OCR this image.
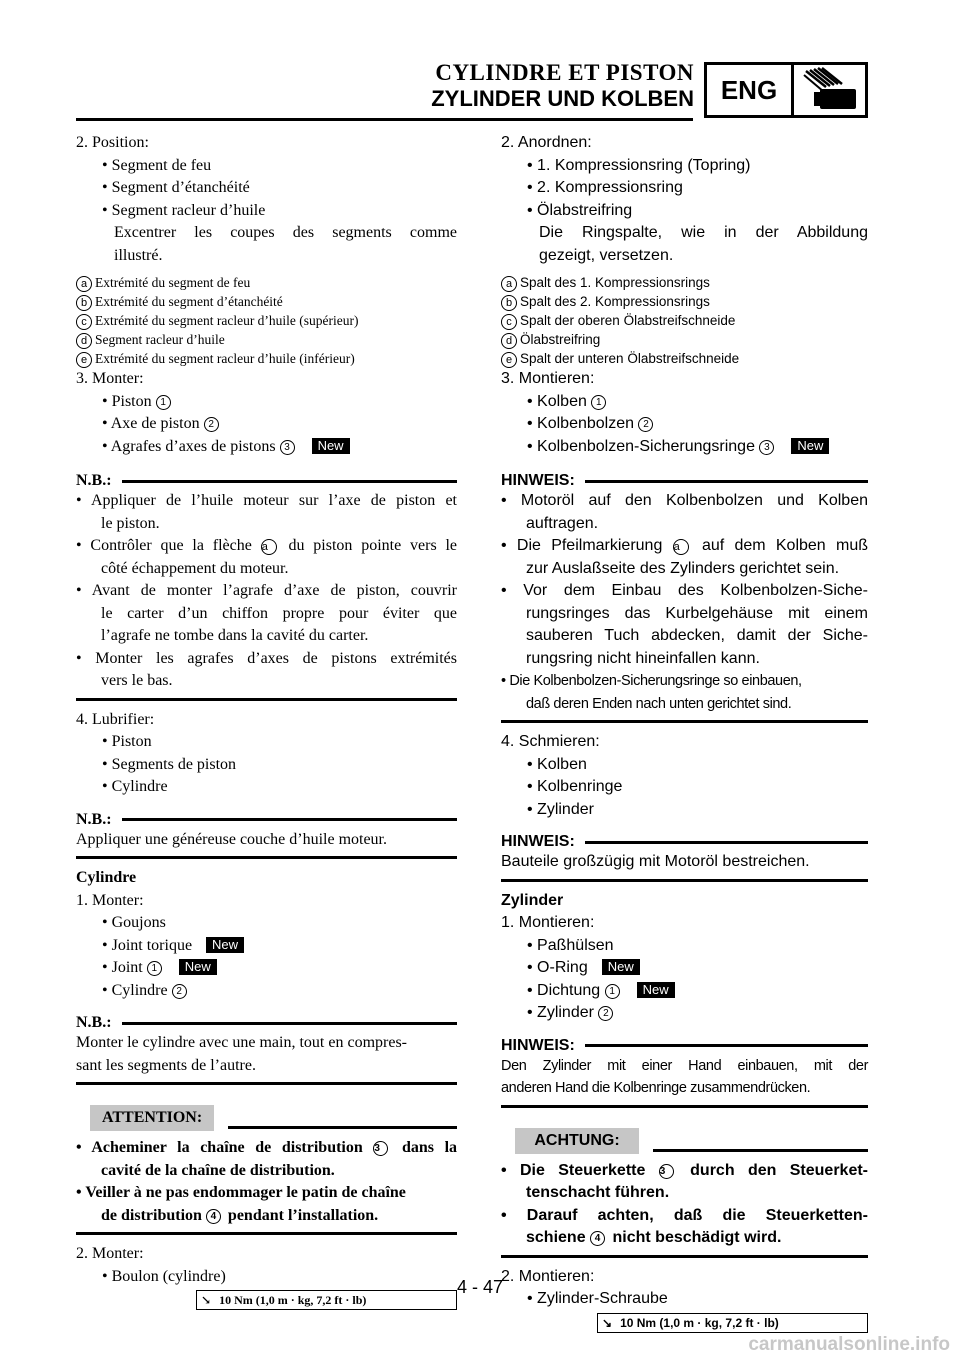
CYLINDRE ET PISTON
ZYLINDER UND KOLBEN	ENG
2. Position:
• Segment de feu
• Segment d’étanchéité
• Segment racleur d’huile
Excentrer les coupes des segments comme
illustré.
a Extrémité du segment de feu
b Extrémité du segment d’étanchéité
c Extrémité du segment racleur d’huile (supérieur)
d Segment racleur d’huile
e Extrémité du segment racleur d’huile (inférieur)
3. Monter:
• Piston 1
• Axe de piston 2
• Agrafes d’axes de pistons 3 New
N.B.:
• Appliquer de l’huile moteur sur l’axe de piston et
le piston.
• Contrôler que la flèche a du piston pointe vers le
côté échappement du moteur.
• Avant de monter l’agrafe d’axe de piston, couvrir
le carter d’un chiffon propre pour éviter que
l’agrafe ne tombe dans la cavité du carter.
• Monter les agrafes d’axes de pistons extrémités
vers le bas.
4. Lubrifier:
• Piston
• Segments de piston
• Cylindre
N.B.:
Appliquer une généreuse couche d’huile moteur.
Cylindre
1. Monter:
• Goujons
• Joint torique New
• Joint 1 New
• Cylindre 2
N.B.:
Monter le cylindre avec une main, tout en compres-
sant les segments de l’autre.
ATTENTION:
• Acheminer la chaîne de distribution 3 dans la
cavité de la chaîne de distribution.
• Veiller à ne pas endommager le patin de chaîne
de distribution 4 pendant l’installation.
2. Monter:
• Boulon (cylindre)
↘ 10 Nm (1,0 m · kg, 7,2 ft · lb)
2. Anordnen:
• 1. Kompressionsring (Topring)
• 2. Kompressionsring
• Ölabstreifring
Die Ringspalte, wie in der Abbildung
gezeigt, versetzen.
a Spalt des 1. Kompressionsrings
b Spalt des 2. Kompressionsrings
c Spalt der oberen Ölabstreifschneide
d Ölabstreifring
e Spalt der unteren Ölabstreifschneide
3. Montieren:
• Kolben 1
• Kolbenbolzen 2
• Kolbenbolzen-Sicherungsringe 3 New
HINWEIS:
• Motoröl auf den Kolbenbolzen und Kolben
auftragen.
• Die Pfeilmarkierung a auf dem Kolben muß
zur Auslaßseite des Zylinders gerichtet sein.
• Vor dem Einbau des Kolbenbolzen-Siche-
rungsringes das Kurbelgehäuse mit einem
sauberen Tuch abdecken, damit der Siche-
rungsring nicht hineinfallen kann.
• Die Kolbenbolzen-Sicherungsringe so einbauen,
daß deren Enden nach unten gerichtet sind.
4. Schmieren:
• Kolben
• Kolbenringe
• Zylinder
HINWEIS:
Bauteile großzügig mit Motoröl bestreichen.
Zylinder
1. Montieren:
• Paßhülsen
• O-Ring New
• Dichtung 1 New
• Zylinder 2
HINWEIS:
Den Zylinder mit einer Hand einbauen, mit der
anderen Hand die Kolbenringe zusammendrücken.
ACHTUNG:
• Die Steuerkette 3 durch den Steuerket-
tenschacht führen.
• Darauf achten, daß die Steuerketten-
schiene 4 nicht beschädigt wird.
2. Montieren:
• Zylinder-Schraube
↘ 10 Nm (1,0 m · kg, 7,2 ft · lb)
4 - 47
carmanualsonline.info
